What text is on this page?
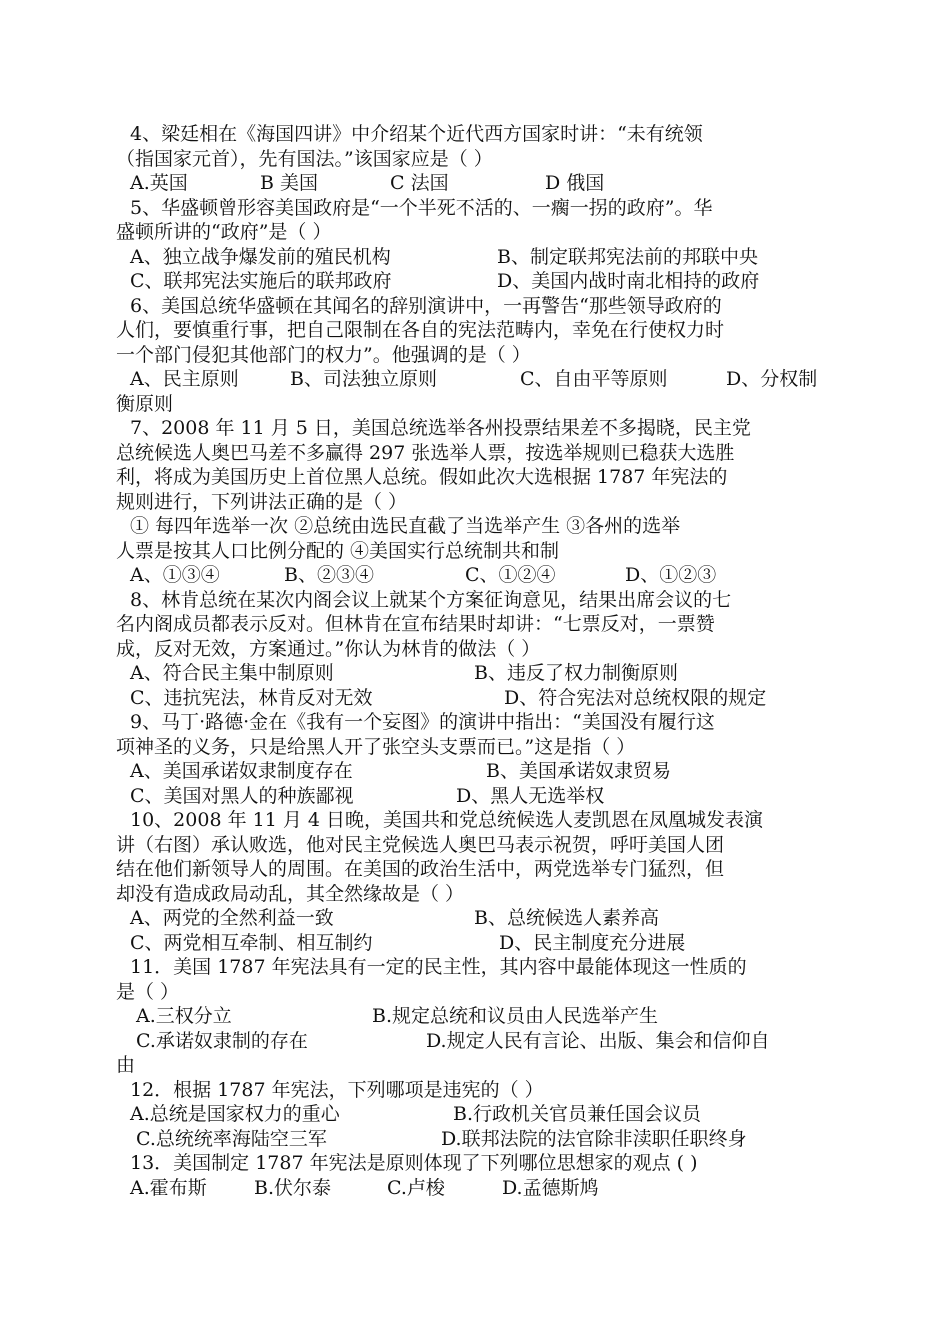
4、梁廷相在《海国四讲》中介绍某个近代西方国家时讲：“未有统领
（指国家元首），先有国法。”该国家应是（ ）
A.英国	B 美国	C 法国	D 俄国
5、华盛顿曾形容美国政府是“一个半死不活的、一瘸一拐的政府”。华
盛顿所讲的“政府”是（ ）
A、独立战争爆发前的殖民机构	B、制定联邦宪法前的邦联中央
C、联邦宪法实施后的联邦政府	D、美国内战时南北相持的政府
6、美国总统华盛顿在其闻名的辞别演讲中，一再警告“那些领导政府的
人们，要慎重行事，把自己限制在各自的宪法范畴内，幸免在行使权力时
一个部门侵犯其他部门的权力”。他强调的是（ ）
A、民主原则	B、司法独立原则	C、自由平等原则	D、分权制
衡原则
7、2008 年 11 月 5 日，美国总统选举各州投票结果差不多揭晓，民主党
总统候选人奥巴马差不多赢得 297 张选举人票，按选举规则已稳获大选胜
利，将成为美国历史上首位黑人总统。假如此次大选根据 1787 年宪法的
规则进行，下列讲法正确的是（ ）
① 每四年选举一次 ②总统由选民直截了当选举产生 ③各州的选举
人票是按其人口比例分配的 ④美国实行总统制共和制
A、①③④	B、②③④	C、①②④	D、①②③
8、林肯总统在某次内阁会议上就某个方案征询意见，结果出席会议的七
名内阁成员都表示反对。但林肯在宣布结果时却讲：“七票反对，一票赞
成，反对无效，方案通过。”你认为林肯的做法（ ）
A、符合民主集中制原则	B、违反了权力制衡原则
C、违抗宪法，林肯反对无效	D、符合宪法对总统权限的规定
9、马丁·路德·金在《我有一个妄图》的演讲中指出：“美国没有履行这
项神圣的义务，只是给黑人开了张空头支票而已。”这是指（ ）
A、美国承诺奴隶制度存在	B、美国承诺奴隶贸易
C、美国对黑人的种族鄙视	D、黑人无选举权
10、2008 年 11 月 4 日晚，美国共和党总统候选人麦凯恩在凤凰城发表演
讲（右图）承认败选，他对民主党候选人奥巴马表示祝贺，呼吁美国人团
结在他们新领导人的周围。在美国的政治生活中，两党选举专门猛烈，但
却没有造成政局动乱，其全然缘故是（ ）
A、两党的全然利益一致	B、总统候选人素养高
C、两党相互牵制、相互制约	D、民主制度充分进展
11．美国 1787 年宪法具有一定的民主性，其内容中最能体现这一性质的
是（ ）
A.三权分立	B.规定总统和议员由人民选举产生
C.承诺奴隶制的存在	D.规定人民有言论、出版、集会和信仰自
由
12．根据 1787 年宪法，下列哪项是违宪的（ ）
A.总统是国家权力的重心	B.行政机关官员兼任国会议员
C.总统统率海陆空三军	D.联邦法院的法官除非渎职任职终身
13．美国制定 1787 年宪法是原则体现了下列哪位思想家的观点 ( )
A.霍布斯	B.伏尔泰	C.卢梭	D.孟德斯鸠
